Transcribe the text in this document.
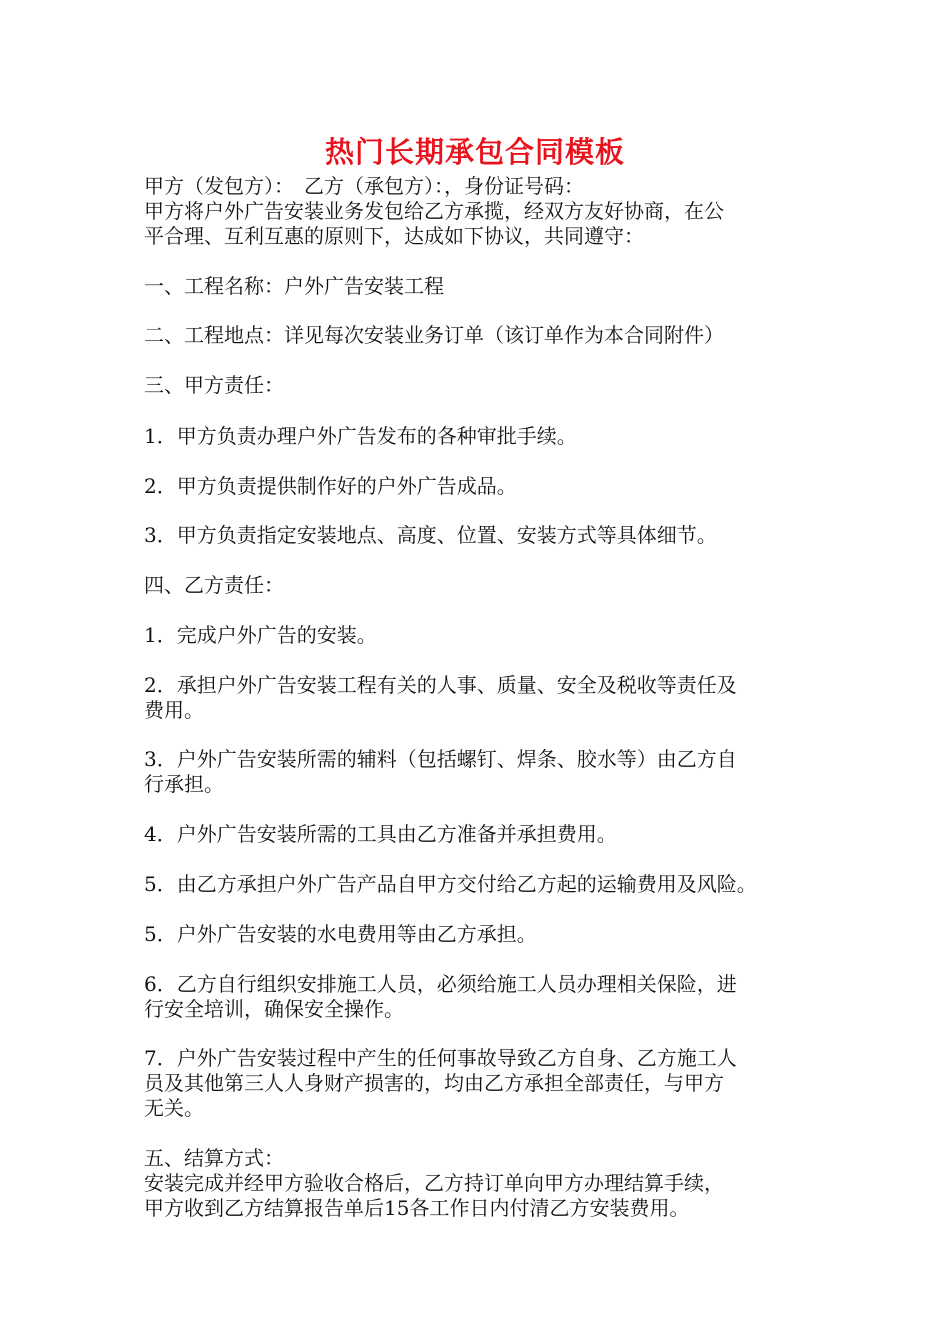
热门长期承包合同模板
甲方（发包方）：　乙方（承包方）：，身份证号码：
甲方将户外广告安装业务发包给乙方承揽，经双方友好协商，在公
平合理、互利互惠的原则下，达成如下协议，共同遵守：
一、工程名称：户外广告安装工程
二、工程地点：详见每次安装业务订单（该订单作为本合同附件）
三、甲方责任：
1．甲方负责办理户外广告发布的各种审批手续。
2．甲方负责提供制作好的户外广告成品。
3．甲方负责指定安装地点、高度、位置、安装方式等具体细节。
四、乙方责任：
1．完成户外广告的安装。
2．承担户外广告安装工程有关的人事、质量、安全及税收等责任及
费用。
3．户外广告安装所需的辅料（包括螺钉、焊条、胶水等）由乙方自
行承担。
4．户外广告安装所需的工具由乙方准备并承担费用。
5．由乙方承担户外广告产品自甲方交付给乙方起的运输费用及风险。
5．户外广告安装的水电费用等由乙方承担。
6．乙方自行组织安排施工人员，必须给施工人员办理相关保险，进
行安全培训，确保安全操作。
7．户外广告安装过程中产生的任何事故导致乙方自身、乙方施工人
员及其他第三人人身财产损害的，均由乙方承担全部责任，与甲方
无关。
五、结算方式：
安装完成并经甲方验收合格后，乙方持订单向甲方办理结算手续，
甲方收到乙方结算报告单后15各工作日内付清乙方安装费用。
